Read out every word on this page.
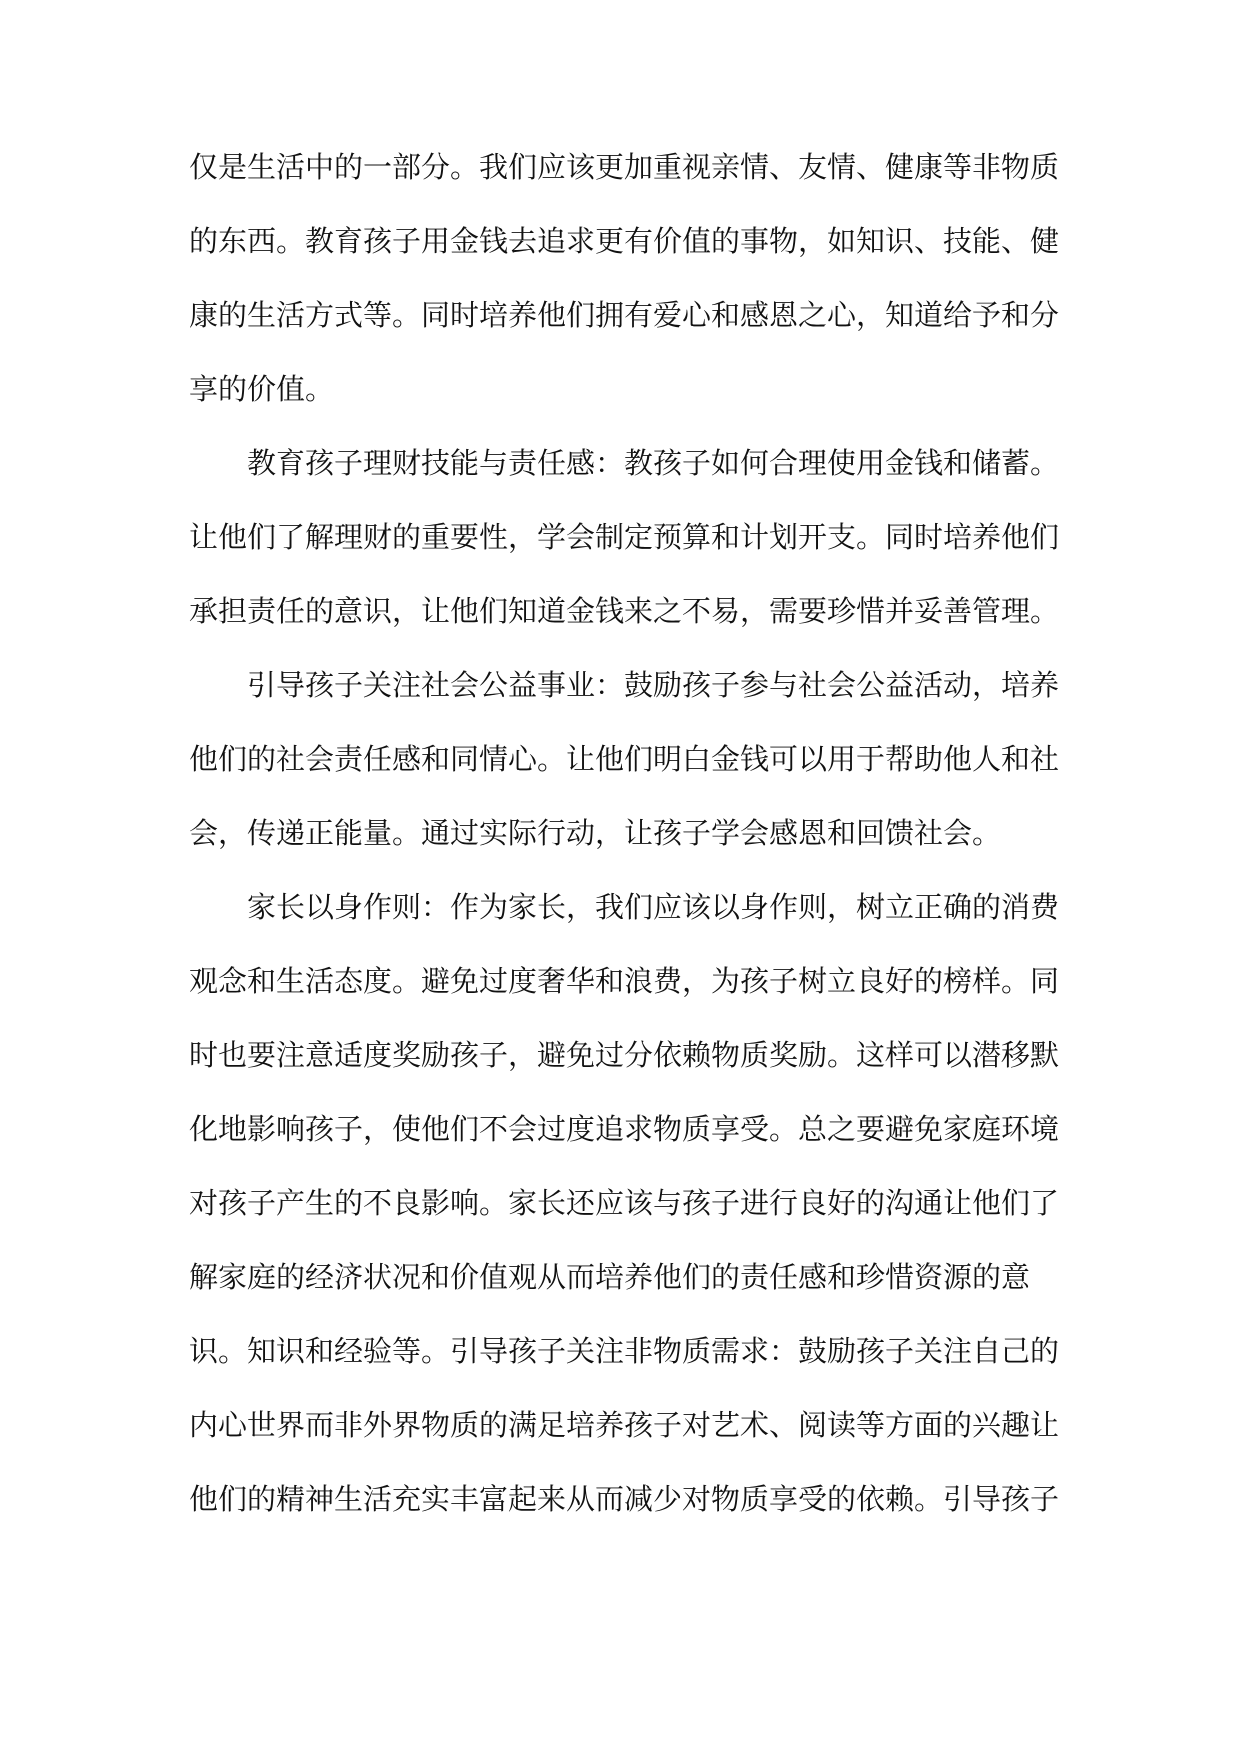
仅是生活中的一部分。我们应该更加重视亲情、友情、健康等非物质
的东西。教育孩子用金钱去追求更有价值的事物，如知识、技能、健
康的生活方式等。同时培养他们拥有爱心和感恩之心，知道给予和分
享的价值。
教育孩子理财技能与责任感：教孩子如何合理使用金钱和储蓄。
让他们了解理财的重要性，学会制定预算和计划开支。同时培养他们
承担责任的意识，让他们知道金钱来之不易，需要珍惜并妥善管理。
引导孩子关注社会公益事业：鼓励孩子参与社会公益活动，培养
他们的社会责任感和同情心。让他们明白金钱可以用于帮助他人和社
会，传递正能量。通过实际行动，让孩子学会感恩和回馈社会。
家长以身作则：作为家长，我们应该以身作则，树立正确的消费
观念和生活态度。避免过度奢华和浪费，为孩子树立良好的榜样。同
时也要注意适度奖励孩子，避免过分依赖物质奖励。这样可以潜移默
化地影响孩子，使他们不会过度追求物质享受。总之要避免家庭环境
对孩子产生的不良影响。家长还应该与孩子进行良好的沟通让他们了
解家庭的经济状况和价值观从而培养他们的责任感和珍惜资源的意
识。知识和经验等。引导孩子关注非物质需求：鼓励孩子关注自己的
内心世界而非外界物质的满足培养孩子对艺术、阅读等方面的兴趣让
他们的精神生活充实丰富起来从而减少对物质享受的依赖。引导孩子
